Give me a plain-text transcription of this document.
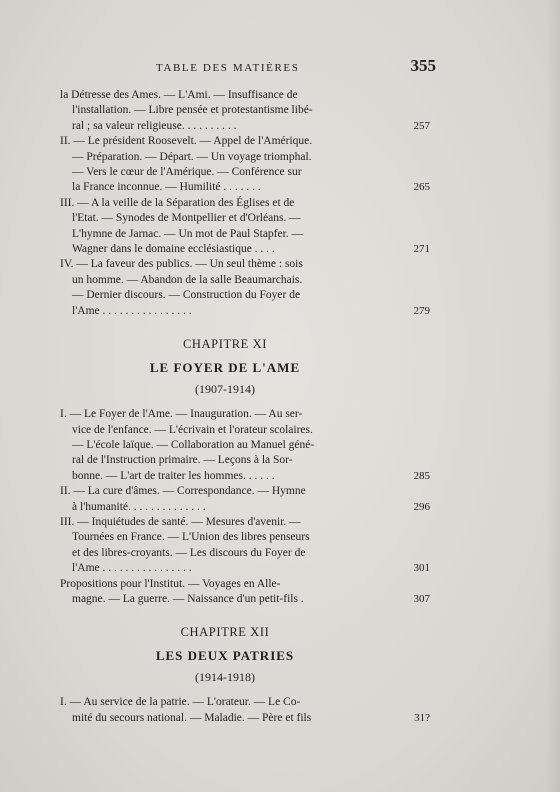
TABLE DES MATIÈRES	355
la Détresse des Ames. — L'Ami. — Insuffisance de
l'installation. — Libre pensée et protestantisme libé-
ral ; sa valeur religieuse. . . . . . . . . .	257
II. — Le président Roosevelt. — Appel de l'Amérique.
— Préparation. — Départ. — Un voyage triomphal.
— Vers le cœur de l'Amérique. — Conférence sur
la France inconnue. — Humilité . . . . . . .	265
III. — A la veille de la Séparation des Églises et de
l'Etat. — Synodes de Montpellier et d'Orléans. —
L'hymne de Jarnac. — Un mot de Paul Stapfer. —
Wagner dans le domaine ecclésiastique . . . .	271
IV. — La faveur des publics. — Un seul thème : sois
un homme. — Abandon de la salle Beaumarchais.
— Dernier discours. — Construction du Foyer de
l'Ame . . . . . . . . . . . . . . . .	279
CHAPITRE XI
LE FOYER DE L'AME
(1907-1914)
I. — Le Foyer de l'Ame. — Inauguration. — Au ser-
vice de l'enfance. — L'écrivain et l'orateur scolaires.
— L'école laïque. — Collaboration au Manuel géné-
ral de l'Instruction primaire. — Leçons à la Sor-
bonne. — L'art de traiter les hommes. . . . . .	285
II. — La cure d'âmes. — Correspondance. — Hymne
à l'humanité. . . . . . . . . . . . . .	296
III. — Inquiétudes de santé. — Mesures d'avenir. —
Tournées en France. — L'Union des libres penseurs
et des libres-croyants. — Les discours du Foyer de
l'Ame . . . . . . . . . . . . . . . .	301
Propositions pour l'Institut. — Voyages en Alle-
magne. — La guerre. — Naissance d'un petit-fils .	307
CHAPITRE XII
LES DEUX PATRIES
(1914-1918)
I. — Au service de la patrie. — L'orateur. — Le Co-
mité du secours national. — Maladie. — Père et fils	31?
